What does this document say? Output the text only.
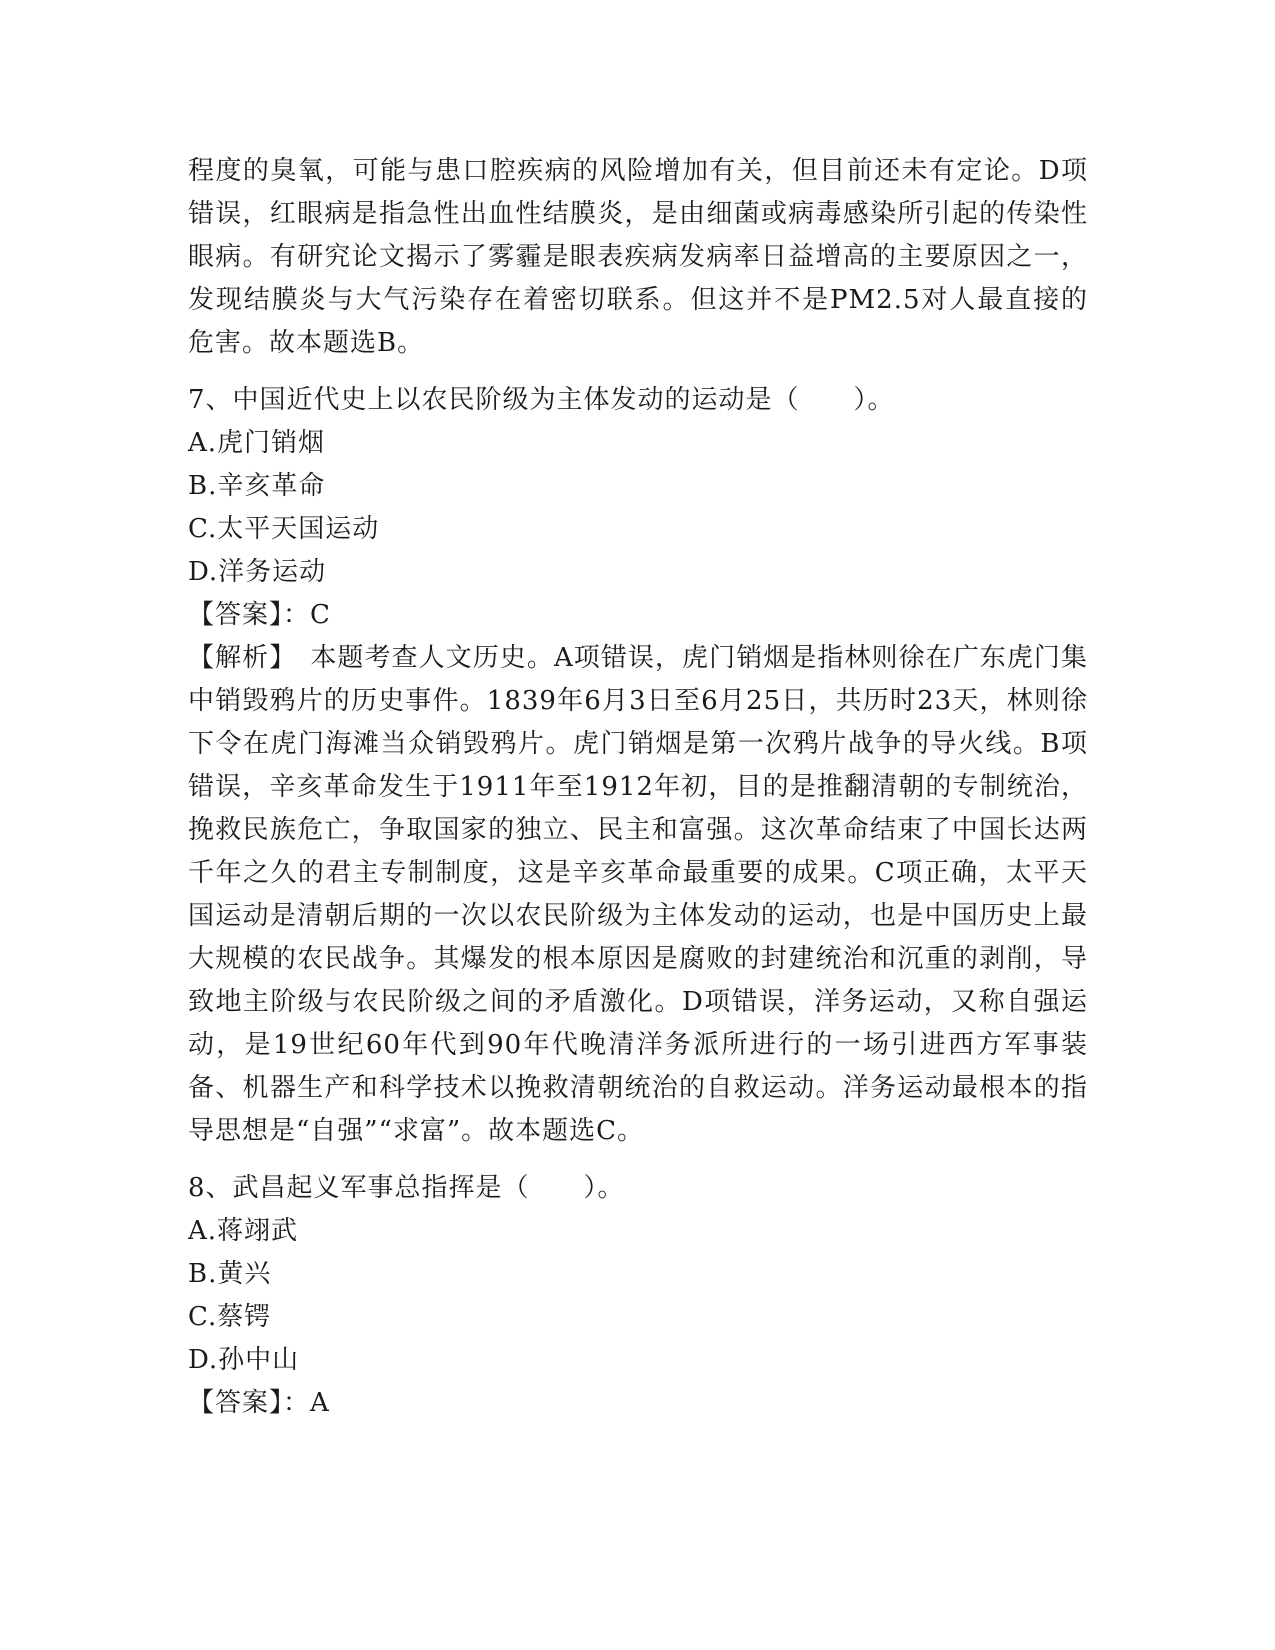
程度的臭氧，可能与患口腔疾病的风险增加有关，但目前还未有定论。D项错误，红眼病是指急性出血性结膜炎，是由细菌或病毒感染所引起的传染性眼病。有研究论文揭示了雾霾是眼表疾病发病率日益增高的主要原因之一，发现结膜炎与大气污染存在着密切联系。但这并不是PM2.5对人最直接的危害。故本题选B。

7、中国近代史上以农民阶级为主体发动的运动是（　　）。

A.虎门销烟

B.辛亥革命

C.太平天国运动

D.洋务运动

【答案】：C

【解析】　本题考查人文历史。A项错误，虎门销烟是指林则徐在广东虎门集中销毁鸦片的历史事件。1839年6月3日至6月25日，共历时23天，林则徐下令在虎门海滩当众销毁鸦片。虎门销烟是第一次鸦片战争的导火线。B项错误，辛亥革命发生于1911年至1912年初，目的是推翻清朝的专制统治，挽救民族危亡，争取国家的独立、民主和富强。这次革命结束了中国长达两千年之久的君主专制制度，这是辛亥革命最重要的成果。C项正确，太平天国运动是清朝后期的一次以农民阶级为主体发动的运动，也是中国历史上最大规模的农民战争。其爆发的根本原因是腐败的封建统治和沉重的剥削，导致地主阶级与农民阶级之间的矛盾激化。D项错误，洋务运动，又称自强运动，是19世纪60年代到90年代晚清洋务派所进行的一场引进西方军事装备、机器生产和科学技术以挽救清朝统治的自救运动。洋务运动最根本的指导思想是“自强”“求富”。故本题选C。

8、武昌起义军事总指挥是（　　）。

A.蒋翊武

B.黄兴

C.蔡锷

D.孙中山

【答案】：A
